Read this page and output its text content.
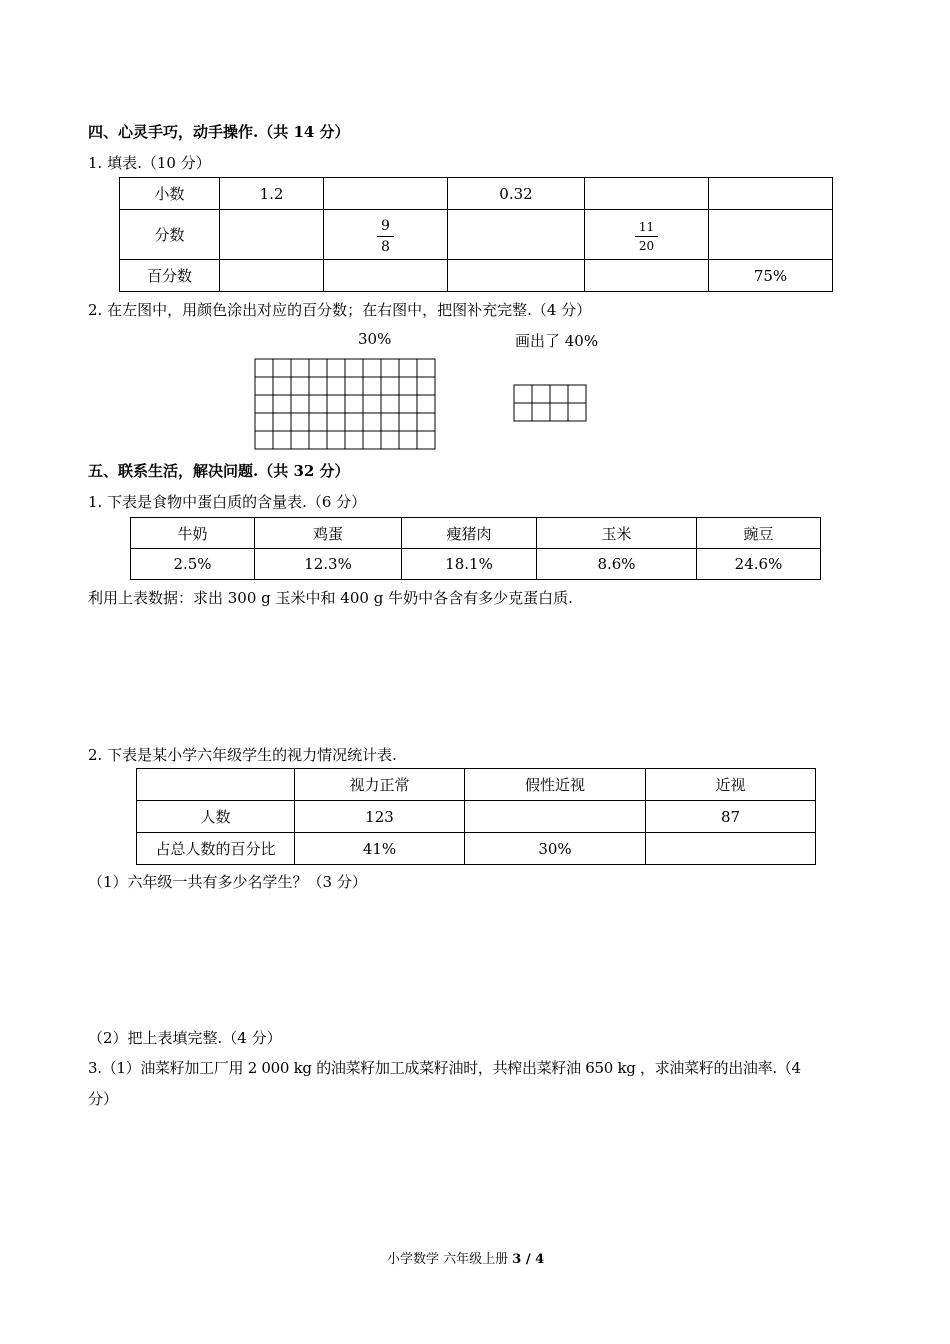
四、心灵手巧，动手操作.（共 14 分）
1. 填表.（10 分）
小数	1.2		0.32		
分数		$\frac{9}{8}$		$\frac{11}{20}$

百分数					75%
2. 在左图中，用颜色涂出对应的百分数；在右图中，把图补充完整.（4 分）
30%	画出了 40%
五、联系生活，解决问题.（共 32 分）
1. 下表是食物中蛋白质的含量表.（6 分）
牛奶	鸡蛋	瘦猪肉	玉米	豌豆
2.5%	12.3%	18.1%	8.6%	24.6%
利用上表数据：求出 300 g 玉米中和 400 g 牛奶中各含有多少克蛋白质.
2. 下表是某小学六年级学生的视力情况统计表.
	视力正常	假性近视	近视
人数	123		87
占总人数的百分比	41%	30%	
（1）六年级一共有多少名学生？（3 分）
（2）把上表填完整.（4 分）
3.（1）油菜籽加工厂用 2 000 kg 的油菜籽加工成菜籽油时，共榨出菜籽油 650 kg ，求油菜籽的出油率.（4
分）
小学数学 六年级上册 3 / 4
